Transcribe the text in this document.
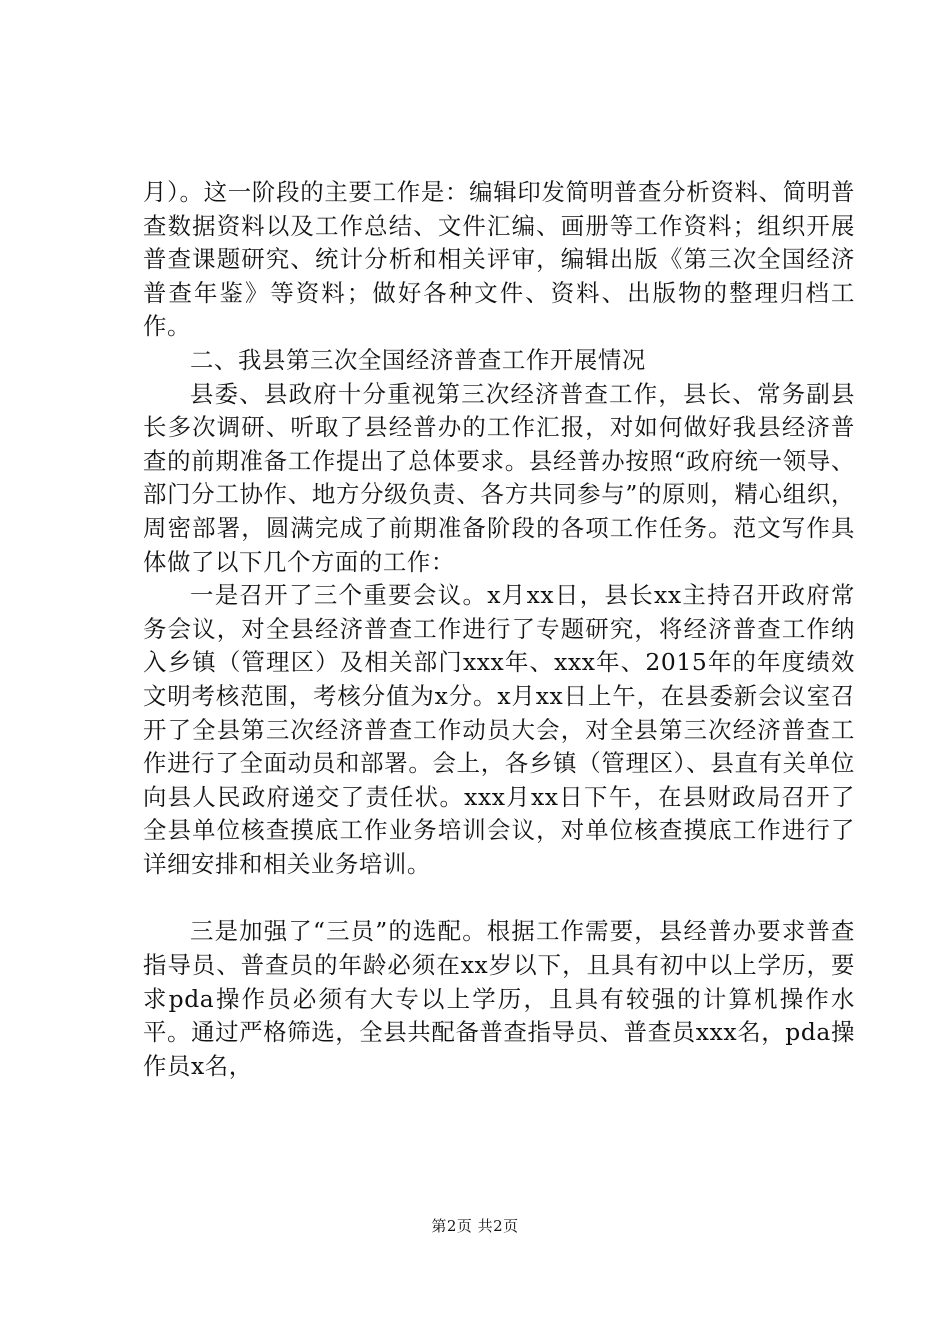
月）。这一阶段的主要工作是：编辑印发简明普查分析资料、简明普查数据资料以及工作总结、文件汇编、画册等工作资料；组织开展普查课题研究、统计分析和相关评审，编辑出版《第三次全国经济普查年鉴》等资料；做好各种文件、资料、出版物的整理归档工作。

二、我县第三次全国经济普查工作开展情况

县委、县政府十分重视第三次经济普查工作，县长、常务副县长多次调研、听取了县经普办的工作汇报，对如何做好我县经济普查的前期准备工作提出了总体要求。县经普办按照“政府统一领导、部门分工协作、地方分级负责、各方共同参与”的原则，精心组织，周密部署，圆满完成了前期准备阶段的各项工作任务。范文写作具体做了以下几个方面的工作：

一是召开了三个重要会议。x月xx日，县长xx主持召开政府常务会议，对全县经济普查工作进行了专题研究，将经济普查工作纳入乡镇（管理区）及相关部门xxx年、xxx年、2015年的年度绩效文明考核范围，考核分值为x分。x月xx日上午，在县委新会议室召开了全县第三次经济普查工作动员大会，对全县第三次经济普查工作进行了全面动员和部署。会上，各乡镇（管理区）、县直有关单位向县人民政府递交了责任状。xxx月xx日下午，在县财政局召开了全县单位核查摸底工作业务培训会议，对单位核查摸底工作进行了详细安排和相关业务培训。

三是加强了“三员”的选配。根据工作需要，县经普办要求普查指导员、普查员的年龄必须在xx岁以下，且具有初中以上学历，要求pda操作员必须有大专以上学历，且具有较强的计算机操作水平。通过严格筛选，全县共配备普查指导员、普查员xxx名，pda操作员x名，

第2页 共2页
